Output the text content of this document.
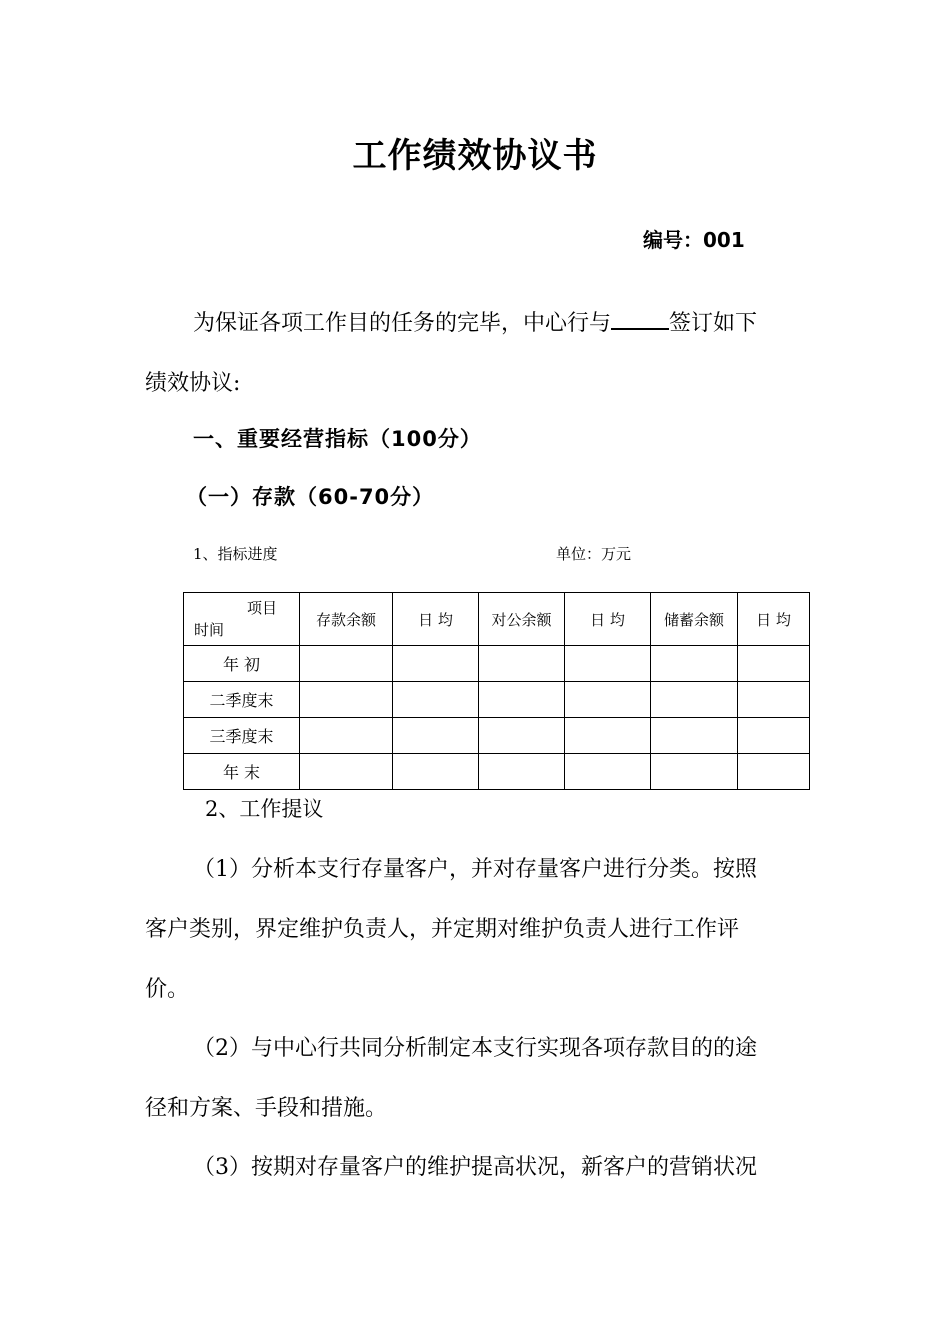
工作绩效协议书
编号：001
为保证各项工作目的任务的完毕，中心行与	签订如下
绩效协议:
一、重要经营指标（100分）
（一）存款（60-70分）
1、指标进度	单位：万元
项目
时间	存款余额	日 均	对公余额	日 均	储蓄余额	日 均
年 初						
二季度末						
三季度末						
年 末						
2、工作提议
（1）分析本支行存量客户，并对存量客户进行分类。按照
客户类别，界定维护负责人，并定期对维护负责人进行工作评
价。
（2）与中心行共同分析制定本支行实现各项存款目的的途
径和方案、手段和措施。
（3）按期对存量客户的维护提高状况，新客户的营销状况
